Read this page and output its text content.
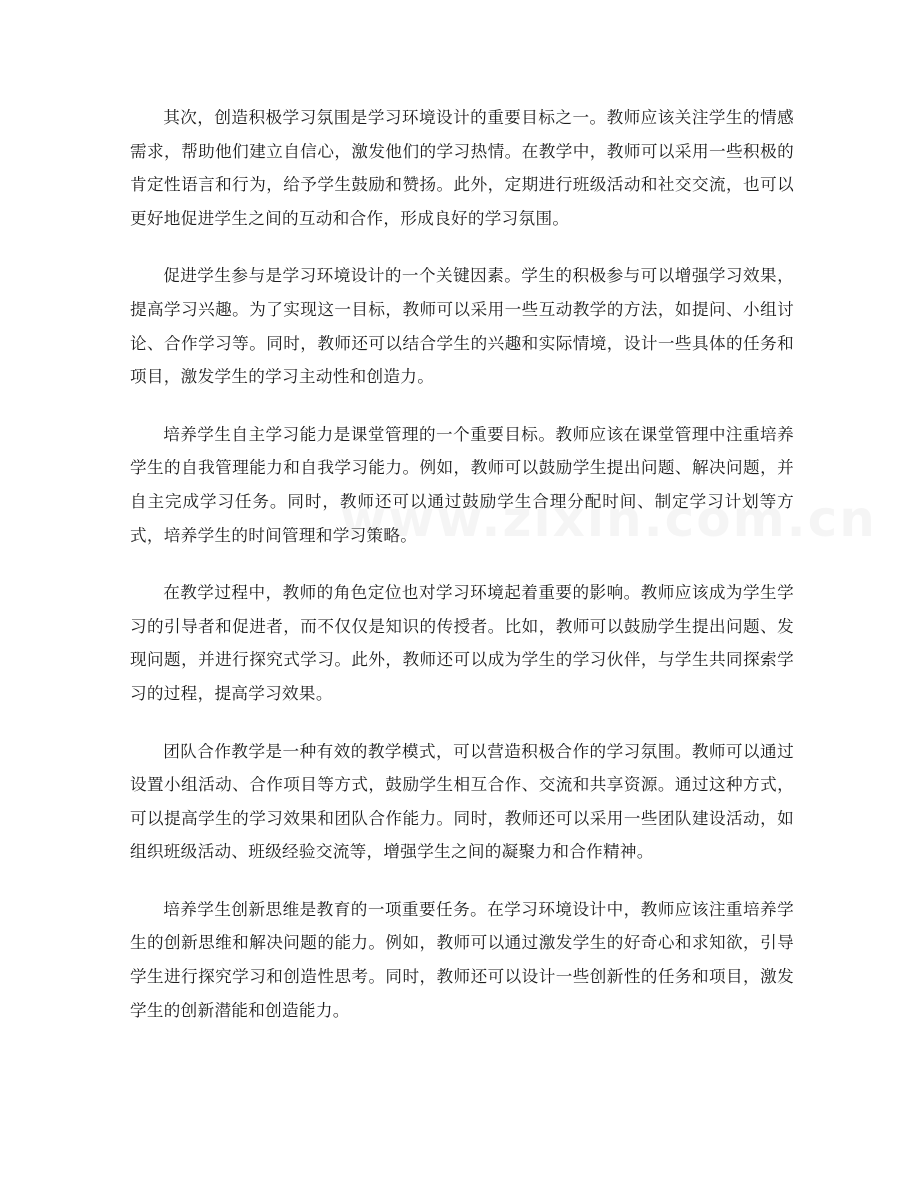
其次，创造积极学习氛围是学习环境设计的重要目标之一。教师应该关注学生的情感需求，帮助他们建立自信心，激发他们的学习热情。在教学中，教师可以采用一些积极的肯定性语言和行为，给予学生鼓励和赞扬。此外，定期进行班级活动和社交交流，也可以更好地促进学生之间的互动和合作，形成良好的学习氛围。

促进学生参与是学习环境设计的一个关键因素。学生的积极参与可以增强学习效果，提高学习兴趣。为了实现这一目标，教师可以采用一些互动教学的方法，如提问、小组讨论、合作学习等。同时，教师还可以结合学生的兴趣和实际情境，设计一些具体的任务和项目，激发学生的学习主动性和创造力。

培养学生自主学习能力是课堂管理的一个重要目标。教师应该在课堂管理中注重培养学生的自我管理能力和自我学习能力。例如，教师可以鼓励学生提出问题、解决问题，并自主完成学习任务。同时，教师还可以通过鼓励学生合理分配时间、制定学习计划等方式，培养学生的时间管理和学习策略。

在教学过程中，教师的角色定位也对学习环境起着重要的影响。教师应该成为学生学习的引导者和促进者，而不仅仅是知识的传授者。比如，教师可以鼓励学生提出问题、发现问题，并进行探究式学习。此外，教师还可以成为学生的学习伙伴，与学生共同探索学习的过程，提高学习效果。

团队合作教学是一种有效的教学模式，可以营造积极合作的学习氛围。教师可以通过设置小组活动、合作项目等方式，鼓励学生相互合作、交流和共享资源。通过这种方式，可以提高学生的学习效果和团队合作能力。同时，教师还可以采用一些团队建设活动，如组织班级活动、班级经验交流等，增强学生之间的凝聚力和合作精神。

培养学生创新思维是教育的一项重要任务。在学习环境设计中，教师应该注重培养学生的创新思维和解决问题的能力。例如，教师可以通过激发学生的好奇心和求知欲，引导学生进行探究学习和创造性思考。同时，教师还可以设计一些创新性的任务和项目，激发学生的创新潜能和创造能力。
